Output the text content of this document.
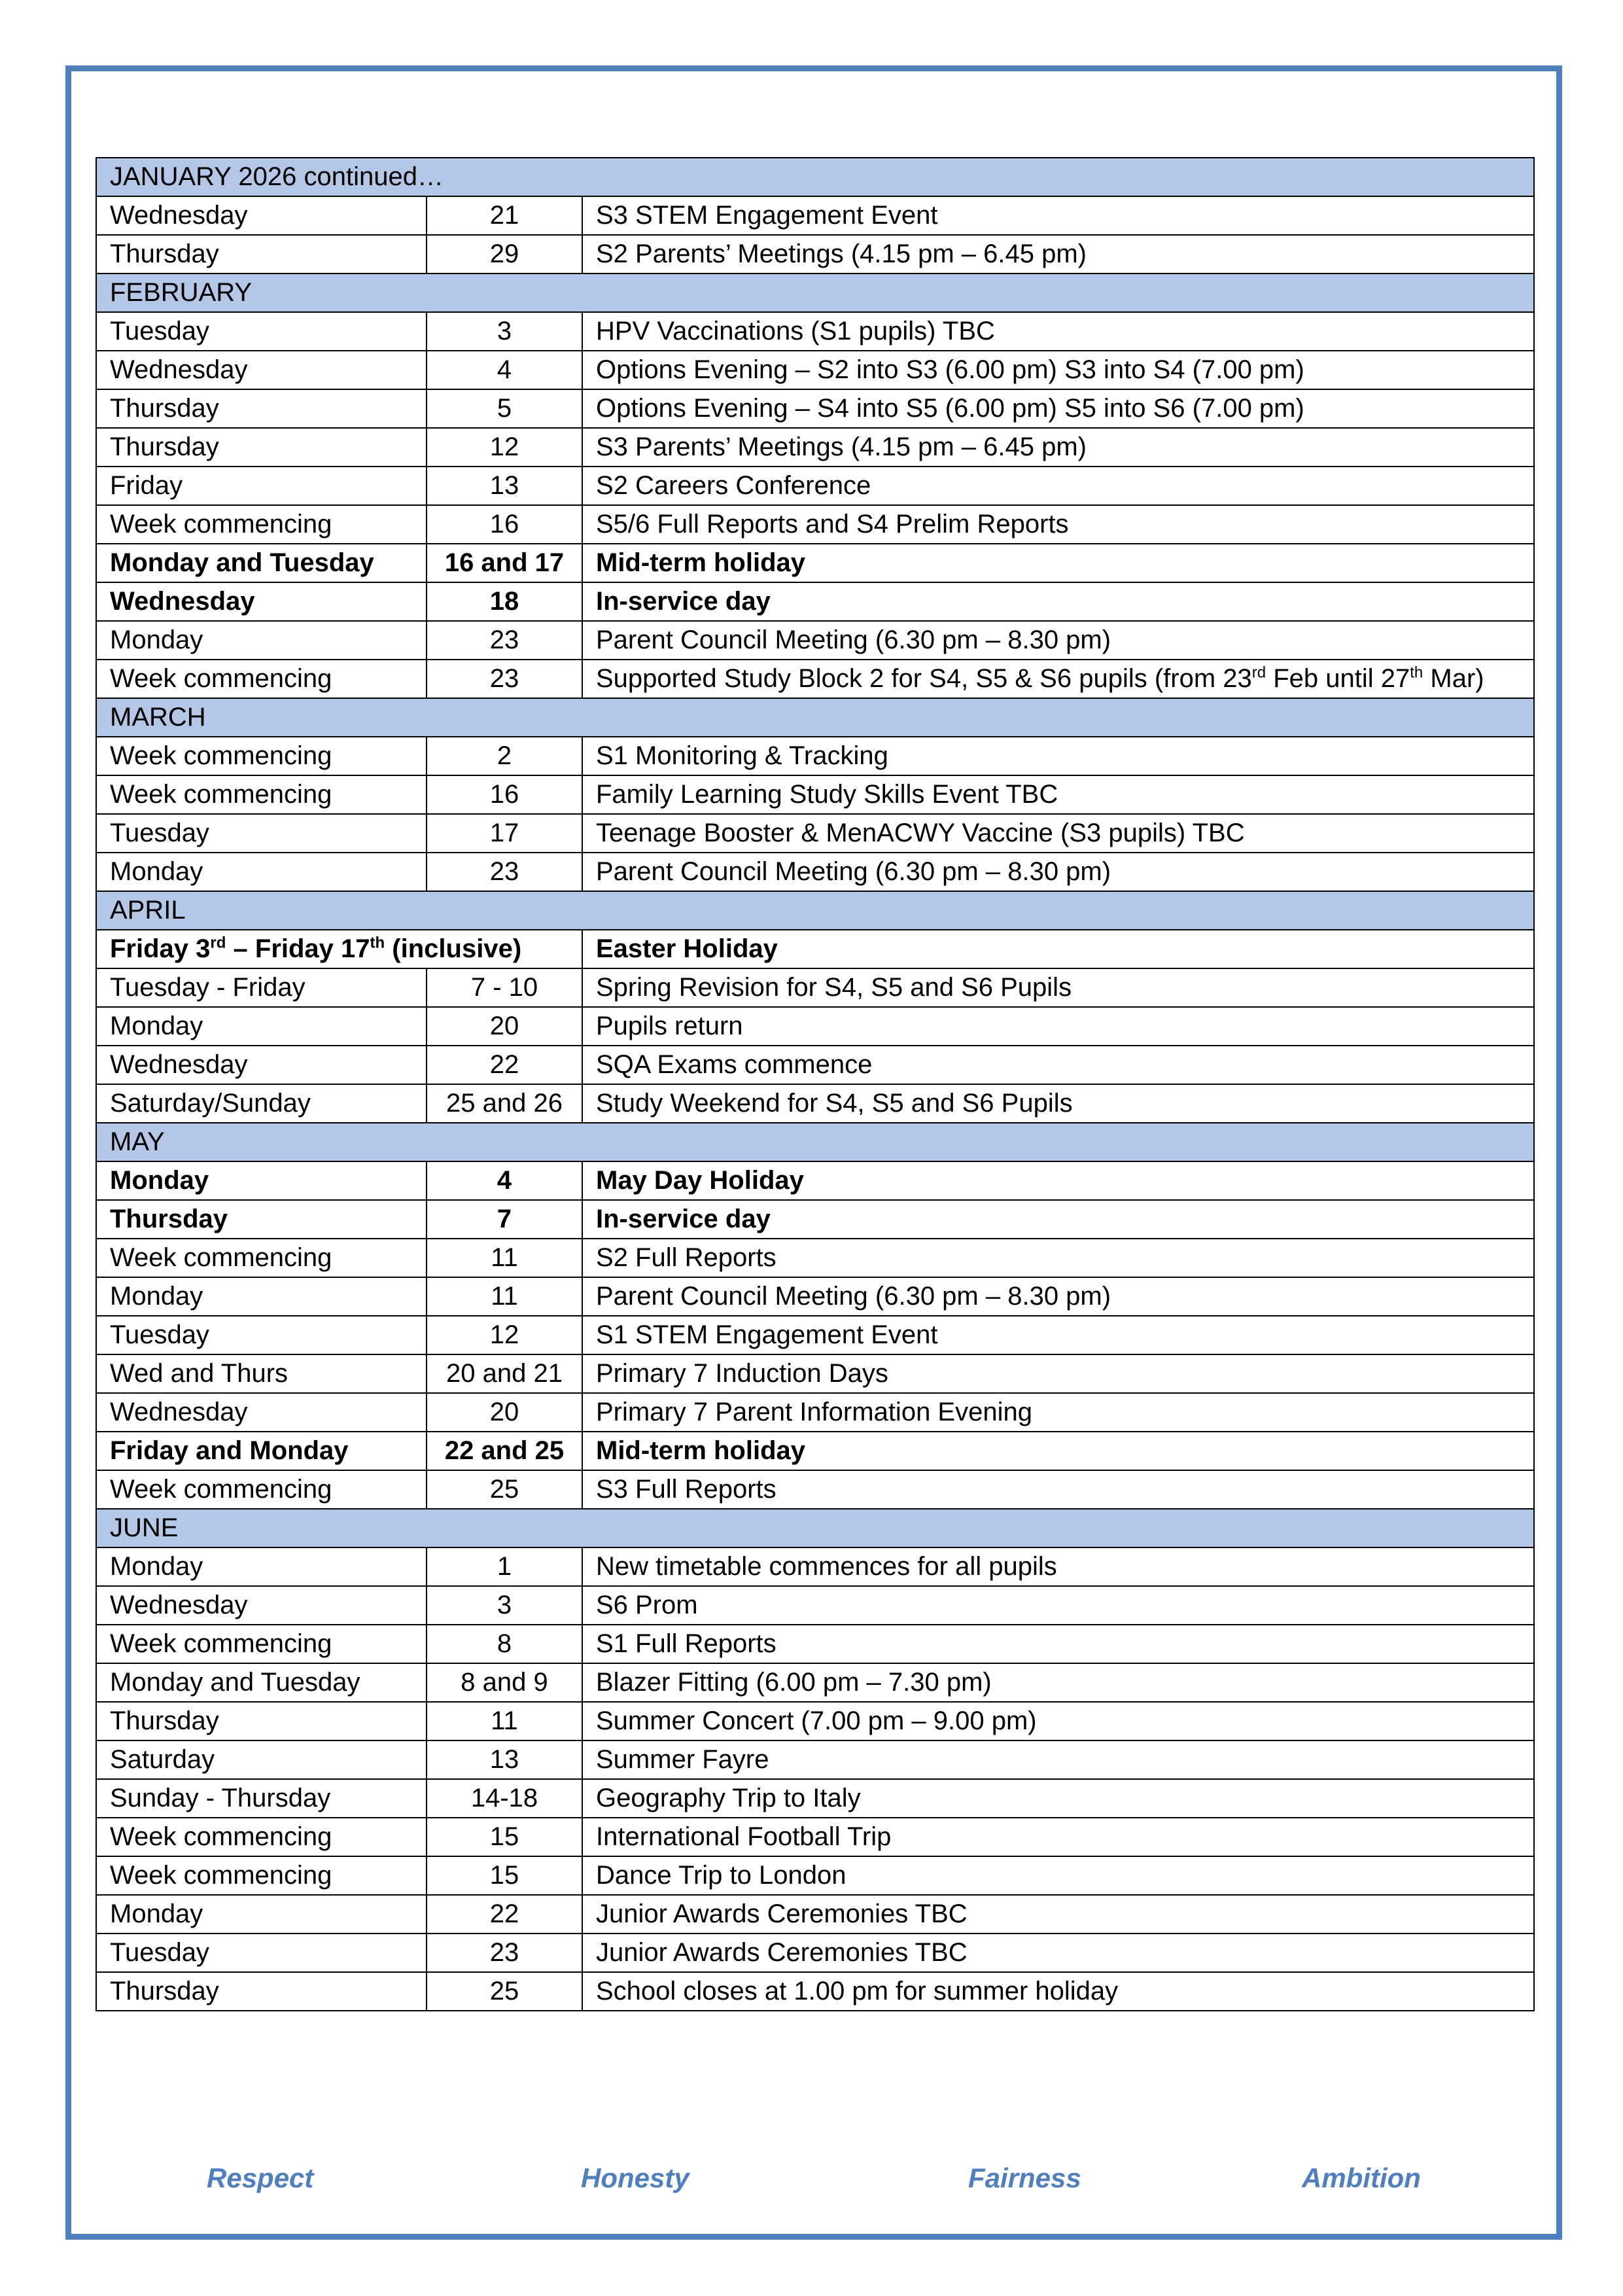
JANUARY 2026 continued…		
Wednesday	21	S3 STEM Engagement Event
Thursday	29	S2 Parents’ Meetings (4.15 pm – 6.45 pm)
FEBRUARY		
Tuesday	3	HPV Vaccinations (S1 pupils) TBC
Wednesday	4	Options Evening – S2 into S3 (6.00 pm) S3 into S4 (7.00 pm)
Thursday	5	Options Evening – S4 into S5 (6.00 pm) S5 into S6 (7.00 pm)
Thursday	12	S3 Parents’ Meetings (4.15 pm – 6.45 pm)
Friday	13	S2 Careers Conference
Week commencing	16	S5/6 Full Reports and S4 Prelim Reports
Monday and Tuesday	16 and 17	Mid-term holiday
Wednesday	18	In-service day
Monday	23	Parent Council Meeting (6.30 pm – 8.30 pm)
Week commencing	23	Supported Study Block 2 for S4, S5 & S6 pupils (from 23rd Feb until 27th Mar)
MARCH		
Week commencing	2	S1 Monitoring & Tracking
Week commencing	16	Family Learning Study Skills Event TBC
Tuesday	17	Teenage Booster & MenACWY Vaccine (S3 pupils) TBC
Monday	23	Parent Council Meeting (6.30 pm – 8.30 pm)
APRIL		
Friday 3rd – Friday 17th (inclusive)		Easter Holiday
Tuesday - Friday	7 - 10	Spring Revision for S4, S5 and S6 Pupils
Monday	20	Pupils return
Wednesday	22	SQA Exams commence
Saturday/Sunday	25 and 26	Study Weekend for S4, S5 and S6 Pupils
MAY		
Monday	4	May Day Holiday
Thursday	7	In-service day
Week commencing	11	S2 Full Reports
Monday	11	Parent Council Meeting (6.30 pm – 8.30 pm)
Tuesday	12	S1 STEM Engagement Event
Wed and Thurs	20 and 21	Primary 7 Induction Days
Wednesday	20	Primary 7 Parent Information Evening
Friday and Monday	22 and 25	Mid-term holiday
Week commencing	25	S3 Full Reports
JUNE		
Monday	1	New timetable commences for all pupils
Wednesday	3	S6 Prom
Week commencing	8	S1 Full Reports
Monday and Tuesday	8 and 9	Blazer Fitting (6.00 pm – 7.30 pm)
Thursday	11	Summer Concert (7.00 pm – 9.00 pm)
Saturday	13	Summer Fayre
Sunday - Thursday	14-18	Geography Trip to Italy
Week commencing	15	International Football Trip
Week commencing	15	Dance Trip to London
Monday	22	Junior Awards Ceremonies TBC
Tuesday	23	Junior Awards Ceremonies TBC
Thursday	25	School closes at 1.00 pm for summer holiday
Respect	Honesty	Fairness	Ambition
